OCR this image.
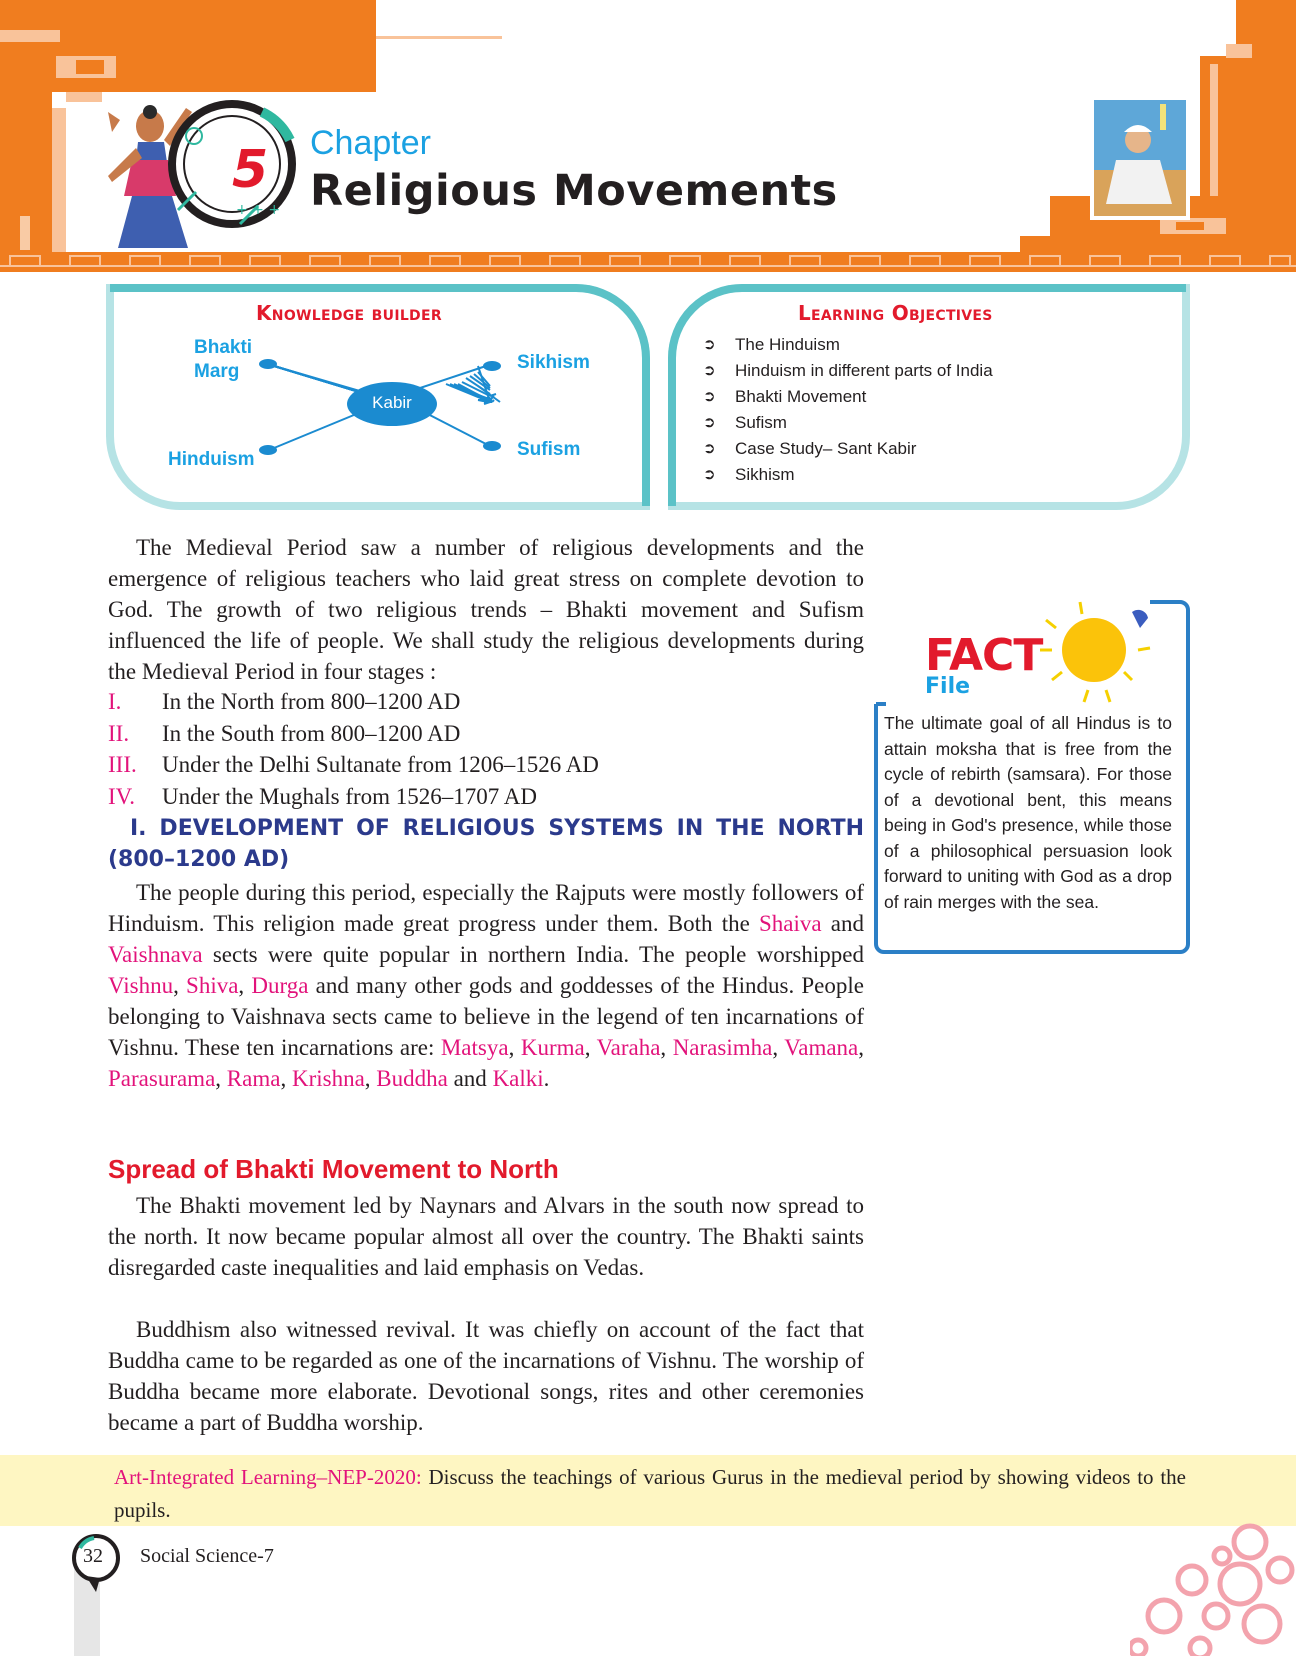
+ + +
Chapter
Religious Movements
5
Knowledge builder
Bhakti Marg	Sikhism
Hinduism	Sufism
Kabir
Learning Objectives
➲ The Hinduism
➲ Hinduism in different parts of India
➲ Bhakti Movement
➲ Sufism
➲ Case Study– Sant Kabir
➲ Sikhism

The Medieval Period saw a number of religious developments and the emergence of religious teachers who laid great stress on complete devotion to God. The growth of two religious trends – Bhakti movement and Sufism influenced the life of people. We shall study the religious developments during the Medieval Period in four stages :

I. In the North from 800–1200 AD
II. In the South from 800–1200 AD
III. Under the Delhi Sultanate from 1206–1526 AD
IV. Under the Mughals from 1526–1707 AD
I. DEVELOPMENT OF RELIGIOUS SYSTEMS IN THE NORTH
(800–1200 AD)

The people during this period, especially the Rajputs were mostly followers of Hinduism. This religion made great progress under them. Both the Shaiva and Vaishnava sects were quite popular in northern India. The people worshipped Vishnu, Shiva, Durga and many other gods and goddesses of the Hindus. People belonging to Vaishnava sects came to believe in the legend of ten incarnations of Vishnu. These ten incarnations are: Matsya, Kurma, Varaha, Narasimha, Vamana, Parasurama, Rama, Krishna, Buddha and Kalki.

Spread of Bhakti Movement to North

The Bhakti movement led by Naynars and Alvars in the south now spread to the north. It now became popular almost all over the country. The Bhakti saints disregarded caste inequalities and laid emphasis on Vedas.

Buddhism also witnessed revival. It was chiefly on account of the fact that Buddha came to be regarded as one of the incarnations of Vishnu. The worship of Buddha became more elaborate. Devotional songs, rites and other ceremonies became a part of Buddha worship.

FACT
File
The ultimate goal of all Hindus is to attain moksha that is free from the cycle of rebirth (samsara). For those of a devotional bent, this means being in God's presence, while those of a philosophical persuasion look forward to uniting with God as a drop of rain merges with the sea.
Art-Integrated Learning–NEP-2020: Discuss the teachings of various Gurus in the medieval period by showing videos to the pupils.
32 Social Science-7
